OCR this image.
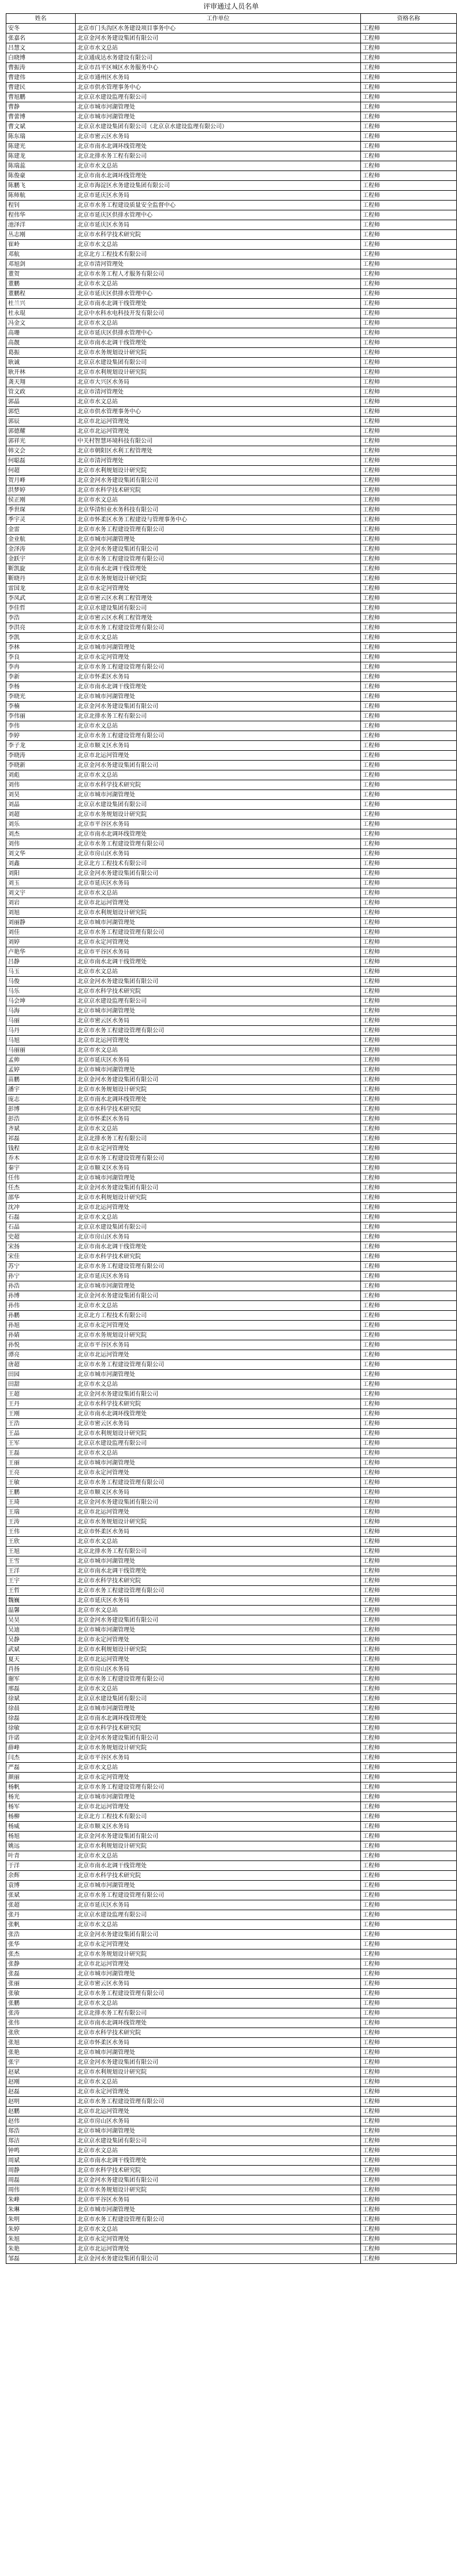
评审通过人员名单
姓名	工作单位	资格名称
安冬	北京市门头沟区水务建设项目事务中心	工程师
张嘉名	北京金河水务建设集团有限公司	工程师
吕慧文	北京市水文总站	工程师
白晓博	北京通成达水务建设有限公司	工程师
曹振涛	北京市昌平区城区水务服务中心	工程师
曹建伟	北京市通州区水务局	工程师
曹建民	北京市供水管理事务中心	工程师
曹旭鹏	北京京水建设监理有限公司	工程师
曹静	北京市城市河湖管理处	工程师
曹蕾博	北京市城市河湖管理处	工程师
曹文斌	北京京水建设集团有限公司（北京京水建设监理有限公司）	工程师
陈东瑞	北京市密云区水务局	工程师
陈建光	北京市南水北调环线管理处	工程师
陈建龙	北京北排水务工程有限公司	工程师
陈瑞蕊	北京市水文总站	工程师
陈俊豪	北京市南水北调环线管理处	工程师
陈鹏飞	北京市海淀区水务建设集团有限公司	工程师
陈师航	北京市延庆区水务局	工程师
程钊	北京市水务工程建设质量安全监督中心	工程师
程伟华	北京市延庆区供排水管理中心	工程师
池泽洋	北京市延庆区水务局	工程师
丛志刚	北京市水科学技术研究院	工程师
崔岭	北京市水文总站	工程师
邓航	北京北方工程技术有限公司	工程师
邓旭剑	北京市清河管理处	工程师
董贺	北京市水务工程人才服务有限公司	工程师
董鹏	北京市水文总站	工程师
董鹏程	北京市延庆区供排水管理中心	工程师
杜兰兴	北京市南水北调干线管理处	工程师
杜永琨	北京中水科水电科技开发有限公司	工程师
冯金文	北京市水文总站	工程师
高珊	北京市延庆区供排水管理中心	工程师
高靓	北京市南水北调干线管理处	工程师
葛振	北京市水务规划设计研究院	工程师
耿诚	北京京水建设集团有限公司	工程师
耿开林	北京市水利规划设计研究院	工程师
龚天翔	北京市大兴区水务局	工程师
管文政	北京市清河管理处	工程师
郭晶	北京市水文总站	工程师
郭恺	北京市供水管理事务中心	工程师
郭辰	北京市北运河管理处	工程师
郭德耀	北京市北运河管理处	工程师
郭祥光	中关村智慧环境科技有限公司	工程师
韩文会	北京市朝阳区水利工程管理处	工程师
何聪磊	北京市清河管理处	工程师
何超	北京市水利规划设计研究院	工程师
贺月峰	北京金河水务建设集团有限公司	工程师
洪梦婷	北京市水科学技术研究院	工程师
侯正刚	北京市水文总站	工程师
季世琛	北京华清恒业水务科技有限公司	工程师
季宇灵	北京市怀柔区水务工程建设与管理事务中心	工程师
金雷	北京市水务工程建设管理有限公司	工程师
金业航	北京市城市河湖管理处	工程师
金泽涛	北京金河水务建设集团有限公司	工程师
金跃宇	北京市水务工程建设管理有限公司	工程师
靳凯旋	北京市南水北调干线管理处	工程师
靳晓丹	北京市水务规划设计研究院	工程师
雷国龙	北京市永定河管理处	工程师
李凤武	北京市密云区水利工程管理处	工程师
李佳哲	北京京水建设集团有限公司	工程师
李浩	北京市密云区水利工程管理处	工程师
李洪亮	北京市水务工程建设管理有限公司	工程师
李凯	北京市水文总站	工程师
李林	北京市城市河湖管理处	工程师
李良	北京市永定河管理处	工程师
李冉	北京市水务工程建设管理有限公司	工程师
李新	北京市怀柔区水务局	工程师
李杨	北京市南水北调干线管理处	工程师
李晓光	北京市城市河湖管理处	工程师
李楠	北京金河水务建设集团有限公司	工程师
李伟丽	北京北排水务工程有限公司	工程师
李伟	北京市水文总站	工程师
李婷	北京市水务工程建设管理有限公司	工程师
李子龙	北京市顺义区水务局	工程师
李晓涛	北京市北运河管理处	工程师
李晓新	北京金河水务建设集团有限公司	工程师
刘彪	北京市水文总站	工程师
刘伟	北京市水科学技术研究院	工程师
刘昊	北京市城市河湖管理处	工程师
刘晶	北京京水建设集团有限公司	工程师
刘超	北京市水务规划设计研究院	工程师
刘乐	北京市平谷区水务局	工程师
刘杰	北京市南水北调环线管理处	工程师
刘伟	北京市水务工程建设管理有限公司	工程师
刘文华	北京市房山区水务局	工程师
刘鑫	北京北方工程技术有限公司	工程师
刘阳	北京金河水务建设集团有限公司	工程师
刘玉	北京市延庆区水务局	工程师
刘文宇	北京市水文总站	工程师
刘岩	北京市北运河管理处	工程师
刘旭	北京市水利规划设计研究院	工程师
刘丽静	北京市城市河湖管理处	工程师
刘佳	北京市水务工程建设管理有限公司	工程师
刘婷	北京市永定河管理处	工程师
卢艳华	北京市平谷区水务局	工程师
吕静	北京市南水北调干线管理处	工程师
马玉	北京市水文总站	工程师
马俊	北京金河水务建设集团有限公司	工程师
马乐	北京市水科学技术研究院	工程师
马会坤	北京京水建设监理有限公司	工程师
马海	北京市城市河湖管理处	工程师
马丽	北京市密云区水务局	工程师
马丹	北京市水务工程建设管理有限公司	工程师
马旭	北京市北运河管理处	工程师
马丽丽	北京市水文总站	工程师
孟帅	北京市延庆区水务局	工程师
孟婷	北京市城市河湖管理处	工程师
苗鹏	北京金河水务建设集团有限公司	工程师
潘宇	北京市水务规划设计研究院	工程师
庞志	北京市南水北调环线管理处	工程师
彭博	北京市水科学技术研究院	工程师
彭浩	北京市怀柔区水务局	工程师
齐斌	北京市水文总站	工程师
祁磊	北京北排水务工程有限公司	工程师
钱程	北京市永定河管理处	工程师
乔木	北京市水务工程建设管理有限公司	工程师
秦宇	北京市顺义区水务局	工程师
任伟	北京市城市河湖管理处	工程师
任杰	北京金河水务建设集团有限公司	工程师
邵华	北京市水利规划设计研究院	工程师
沈冲	北京市北运河管理处	工程师
石磊	北京市水文总站	工程师
石晶	北京京水建设集团有限公司	工程师
史超	北京市房山区水务局	工程师
宋扬	北京市南水北调干线管理处	工程师
宋佳	北京市水科学技术研究院	工程师
苏宁	北京市水务工程建设管理有限公司	工程师
孙宁	北京市延庆区水务局	工程师
孙浩	北京市城市河湖管理处	工程师
孙博	北京金河水务建设集团有限公司	工程师
孙伟	北京市水文总站	工程师
孙鹏	北京北方工程技术有限公司	工程师
孙旭	北京市永定河管理处	工程师
孙婧	北京市水务规划设计研究院	工程师
孙悦	北京市平谷区水务局	工程师
谭亮	北京市北运河管理处	工程师
唐超	北京市水务工程建设管理有限公司	工程师
田园	北京市城市河湖管理处	工程师
田甜	北京市水文总站	工程师
王超	北京金河水务建设集团有限公司	工程师
王丹	北京市水科学技术研究院	工程师
王刚	北京市南水北调环线管理处	工程师
王浩	北京市密云区水务局	工程师
王晶	北京市水利规划设计研究院	工程师
王军	北京京水建设监理有限公司	工程师
王磊	北京市水文总站	工程师
王丽	北京市城市河湖管理处	工程师
王亮	北京市永定河管理处	工程师
王敏	北京市水务工程建设管理有限公司	工程师
王鹏	北京市顺义区水务局	工程师
王琦	北京金河水务建设集团有限公司	工程师
王瑞	北京市北运河管理处	工程师
王涛	北京市水务规划设计研究院	工程师
王伟	北京市怀柔区水务局	工程师
王欣	北京市水文总站	工程师
王旭	北京北排水务工程有限公司	工程师
王雪	北京市城市河湖管理处	工程师
王洋	北京市南水北调干线管理处	工程师
王宇	北京市水科学技术研究院	工程师
王哲	北京市水务工程建设管理有限公司	工程师
魏巍	北京市延庆区水务局	工程师
温馨	北京市水文总站	工程师
吴昊	北京金河水务建设集团有限公司	工程师
吴迪	北京市城市河湖管理处	工程师
吴静	北京市永定河管理处	工程师
武斌	北京市水利规划设计研究院	工程师
夏天	北京市北运河管理处	工程师
肖扬	北京市房山区水务局	工程师
谢军	北京市水务工程建设管理有限公司	工程师
邢磊	北京市水文总站	工程师
徐斌	北京京水建设集团有限公司	工程师
徐晨	北京市城市河湖管理处	工程师
徐磊	北京市南水北调环线管理处	工程师
徐敏	北京市水科学技术研究院	工程师
许诺	北京金河水务建设集团有限公司	工程师
薛峰	北京市水务规划设计研究院	工程师
闫杰	北京市平谷区水务局	工程师
严磊	北京市水文总站	工程师
颜丽	北京市永定河管理处	工程师
杨帆	北京市水务工程建设管理有限公司	工程师
杨光	北京市城市河湖管理处	工程师
杨军	北京市北运河管理处	工程师
杨柳	北京北方工程技术有限公司	工程师
杨威	北京市顺义区水务局	工程师
杨旭	北京金河水务建设集团有限公司	工程师
姚远	北京市水利规划设计研究院	工程师
叶青	北京市水文总站	工程师
于洋	北京市南水北调干线管理处	工程师
余辉	北京市水科学技术研究院	工程师
袁博	北京市城市河湖管理处	工程师
张斌	北京市水务工程建设管理有限公司	工程师
张超	北京市延庆区水务局	工程师
张丹	北京京水建设监理有限公司	工程师
张帆	北京市水文总站	工程师
张浩	北京金河水务建设集团有限公司	工程师
张华	北京市永定河管理处	工程师
张杰	北京市水务规划设计研究院	工程师
张静	北京市北运河管理处	工程师
张磊	北京市城市河湖管理处	工程师
张丽	北京市密云区水务局	工程师
张敏	北京市水务工程建设管理有限公司	工程师
张鹏	北京市水文总站	工程师
张涛	北京北排水务工程有限公司	工程师
张伟	北京市南水北调环线管理处	工程师
张欣	北京市水科学技术研究院	工程师
张旭	北京市怀柔区水务局	工程师
张艳	北京市城市河湖管理处	工程师
张宇	北京金河水务建设集团有限公司	工程师
赵斌	北京市水利规划设计研究院	工程师
赵刚	北京市水文总站	工程师
赵磊	北京市永定河管理处	工程师
赵明	北京市水务工程建设管理有限公司	工程师
赵鹏	北京市北运河管理处	工程师
赵伟	北京市房山区水务局	工程师
郑浩	北京市城市河湖管理处	工程师
郑洁	北京京水建设集团有限公司	工程师
钟鸣	北京市水文总站	工程师
周斌	北京市南水北调干线管理处	工程师
周静	北京市水科学技术研究院	工程师
周磊	北京金河水务建设集团有限公司	工程师
周伟	北京市水务规划设计研究院	工程师
朱峰	北京市平谷区水务局	工程师
朱琳	北京市城市河湖管理处	工程师
朱明	北京市水务工程建设管理有限公司	工程师
朱婷	北京市水文总站	工程师
朱旭	北京市永定河管理处	工程师
朱艳	北京市北运河管理处	工程师
邹磊	北京金河水务建设集团有限公司	工程师
